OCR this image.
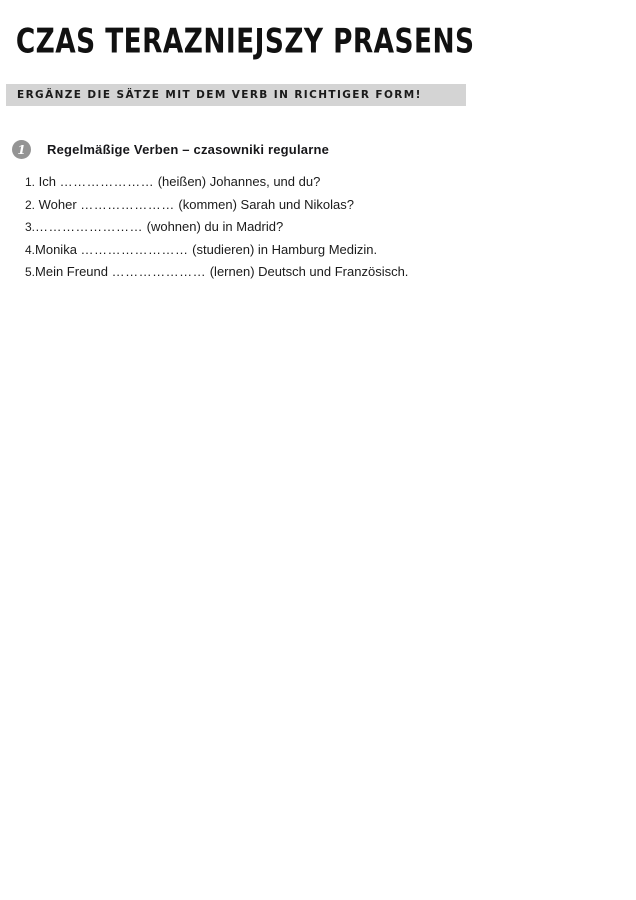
CZAS TERAZNIEJSZY PRASENS
ERGÄNZE DIE SÄTZE MIT DEM VERB IN RICHTIGER FORM!
1	Regelmäßige Verben – czasowniki regularne
1. Ich ………………… (heißen) Johannes, und du?
2. Woher ………………… (kommen) Sarah und Nikolas?
3.…………………… (wohnen) du in Madrid?
4.Monika …………………… (studieren) in Hamburg Medizin.
5.Mein Freund ………………… (lernen) Deutsch und Französisch.
